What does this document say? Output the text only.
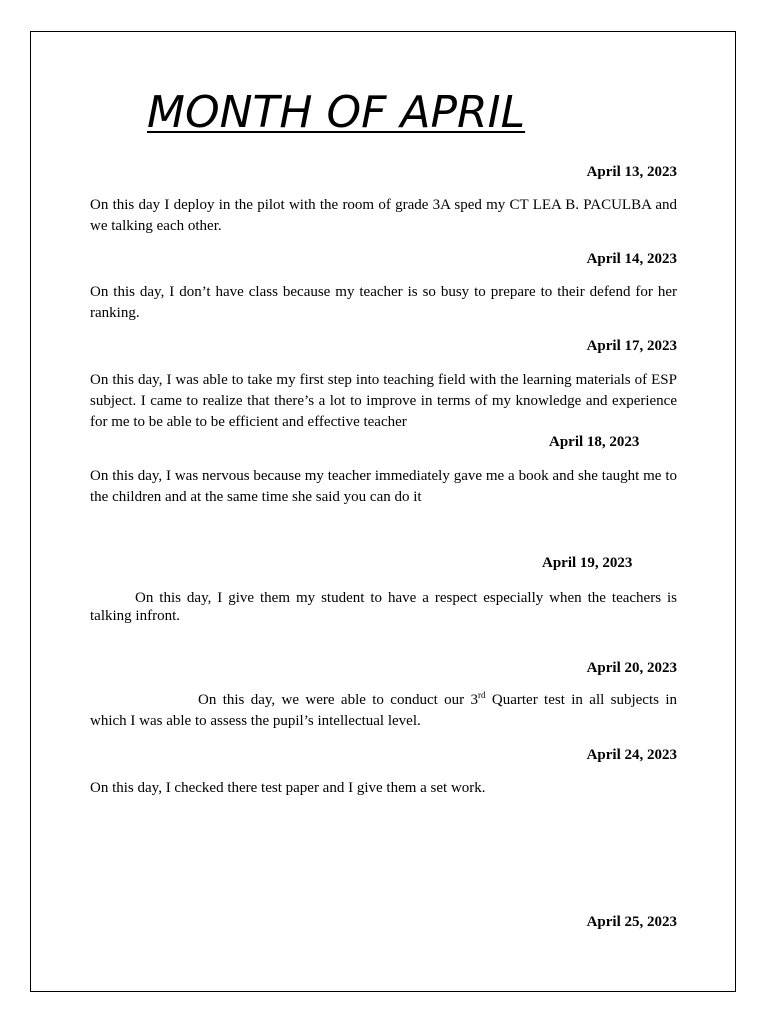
MONTH OF APRIL
April 13, 2023

On this day I deploy in the pilot with the room of grade 3A sped my CT LEA B. PACULBA and we talking each other.

April 14, 2023

On this day, I don’t have class because my teacher is so busy to prepare to their defend for her ranking.

April 17, 2023

On this day, I was able to take my first step into teaching field with the learning materials of ESP subject. I came to realize that there’s a lot to improve in terms of my knowledge and experience for me to be able to be efficient and effective teacher

April 18, 2023

On this day, I was nervous because my teacher immediately gave me a book and she taught me to the children and at the same time she said you can do it

April 19, 2023

On this day, I give them my student to have a respect especially when the teachers is talking infront.

April 20, 2023

On this day, we were able to conduct our 3rd Quarter test in all subjects in which I was able to assess the pupil’s intellectual level.

April 24, 2023

On this day, I checked there test paper and I give them a set work.

April 25, 2023
